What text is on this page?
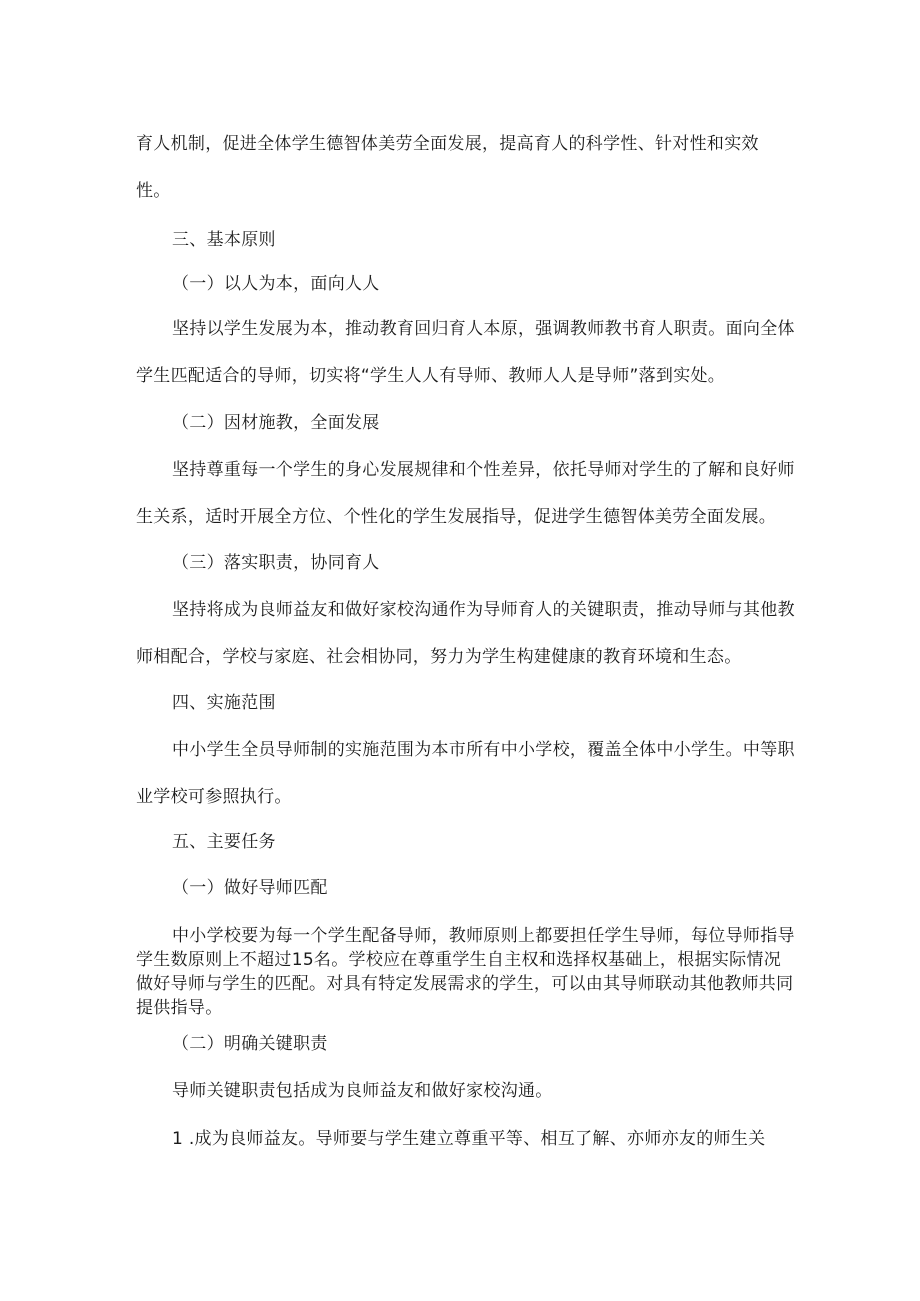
育人机制，促进全体学生德智体美劳全面发展，提高育人的科学性、针对性和实效
性。
三、基本原则
（一）以人为本，面向人人
坚持以学生发展为本，推动教育回归育人本原，强调教师教书育人职责。面向全体
学生匹配适合的导师，切实将“学生人人有导师、教师人人是导师”落到实处。
（二）因材施教，全面发展
坚持尊重每一个学生的身心发展规律和个性差异，依托导师对学生的了解和良好师
生关系，适时开展全方位、个性化的学生发展指导，促进学生德智体美劳全面发展。
（三）落实职责，协同育人
坚持将成为良师益友和做好家校沟通作为导师育人的关键职责，推动导师与其他教
师相配合，学校与家庭、社会相协同，努力为学生构建健康的教育环境和生态。
四、实施范围
中小学生全员导师制的实施范围为本市所有中小学校，覆盖全体中小学生。中等职
业学校可参照执行。
五、主要任务
（一）做好导师匹配
中小学校要为每一个学生配备导师，教师原则上都要担任学生导师，每位导师指导
学生数原则上不超过15名。学校应在尊重学生自主权和选择权基础上，根据实际情况
做好导师与学生的匹配。对具有特定发展需求的学生，可以由其导师联动其他教师共同
提供指导。
（二）明确关键职责
导师关键职责包括成为良师益友和做好家校沟通。
1 .成为良师益友。导师要与学生建立尊重平等、相互了解、亦师亦友的师生关
